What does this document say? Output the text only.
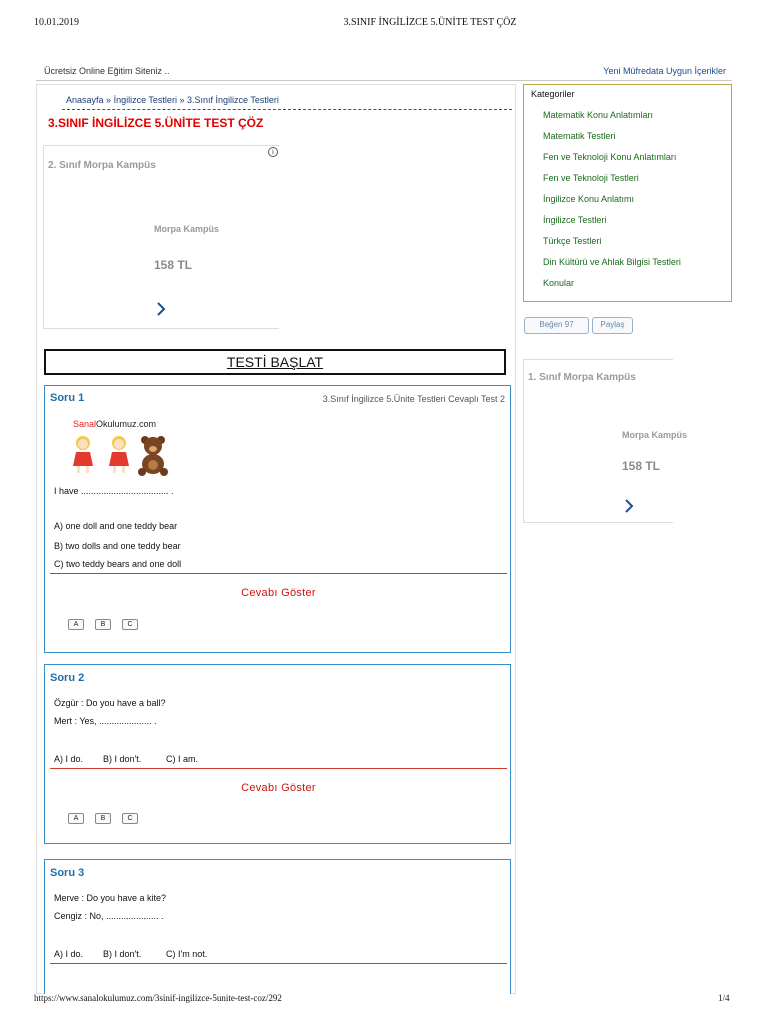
10.01.2019	3.SINIF İNGİLİZCE 5.ÜNİTE TEST ÇÖZ
Ücretsiz Online Eğitim Siteniz ..	Yeni Müfredata Uygun İçerikler
Anasayfa » İngilizce Testleri » 3.Sınıf İngilizce Testleri
3.SINIF İNGİLİZCE 5.ÜNİTE TEST ÇÖZ
i
2. Sınıf Morpa Kampüs
Morpa Kampüs
158 TL
TESTİ BAŞLAT
Soru 1	3.Sınıf İngilizce 5.Ünite Testleri Cevaplı Test 2
SanalOkulumuz.com
I have ................................... .
A) one doll and one teddy bear
B) two dolls and one teddy bear
C) two teddy bears and one doll
Cevabı Göster
A	B	C
Soru 2
Özgür : Do you have a ball?
Mert : Yes, ..................... .
A) I do. B) I don't.	C) I am.
Cevabı Göster
A	B	C
Soru 3
Merve : Do you have a kite?
Cengiz : No, ..................... .
A) I do. B) I don't.	C) I'm not.
Kategoriler
Matematik Konu Anlatımları
Matematik Testleri
Fen ve Teknoloji Konu Anlatımları
Fen ve Teknoloji Testleri
İngilizce Konu Anlatımı
İngilizce Testleri
Türkçe Testleri
Din Kültürü ve Ahlak Bilgisi Testleri
Konular
Beğen 97	Paylaş
1. Sınıf Morpa Kampüs
Morpa Kampüs
158 TL
https://www.sanalokulumuz.com/3sinif-ingilizce-5unite-test-coz/292	1/4
